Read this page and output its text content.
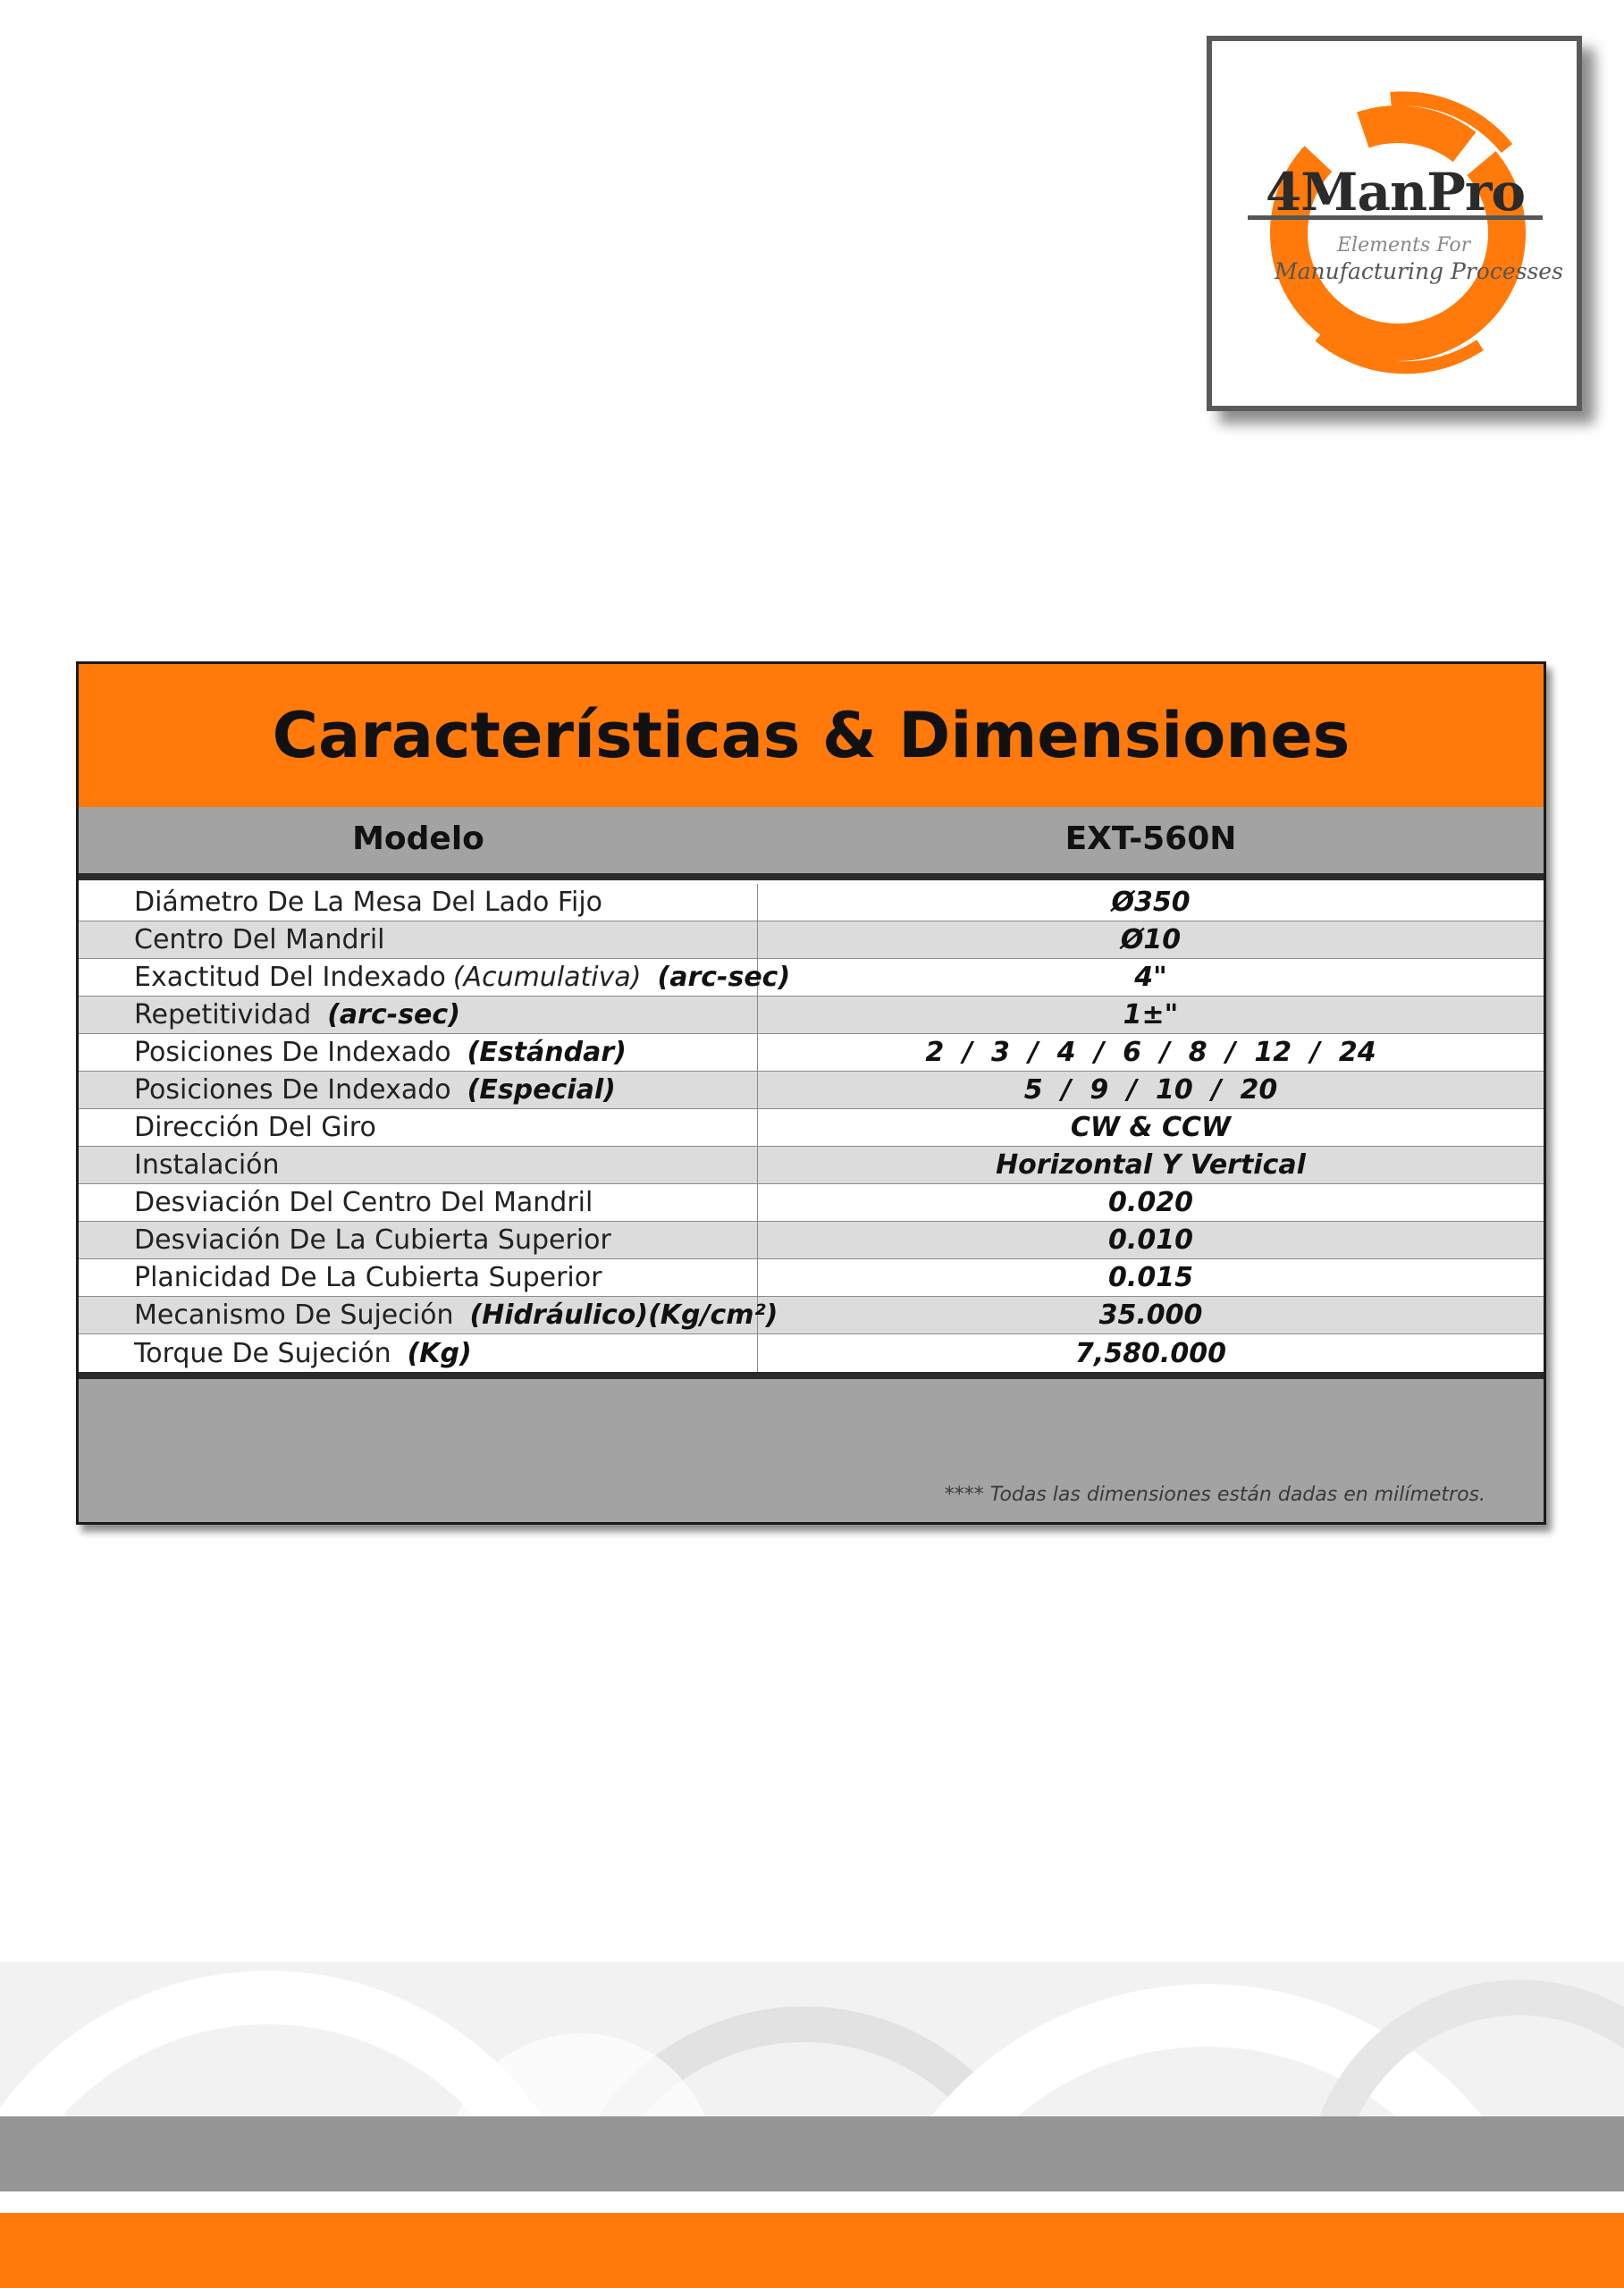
4ManPro
Elements For
Manufacturing Processes
Características & Dimensiones
Modelo	EXT-560N
Diámetro De La Mesa Del Lado Fijo	Ø350
Centro Del Mandril	Ø10
Exactitud Del Indexado (Acumulativa) (arc-sec)	4"
Repetitividad (arc-sec)	1±"
Posiciones De Indexado (Estándar)	2  /  3  /  4  /  6  /  8  /  12  /  24
Posiciones De Indexado (Especial)	5  /  9  /  10  /  20
Dirección Del Giro	CW & CCW
Instalación	Horizontal Y Vertical
Desviación Del Centro Del Mandril	0.020
Desviación De La Cubierta Superior	0.010
Planicidad De La Cubierta Superior	0.015
Mecanismo De Sujeción (Hidráulico)(Kg/cm²)	35.000
Torque De Sujeción (Kg)	7,580.000
**** Todas las dimensiones están dadas en milímetros.
